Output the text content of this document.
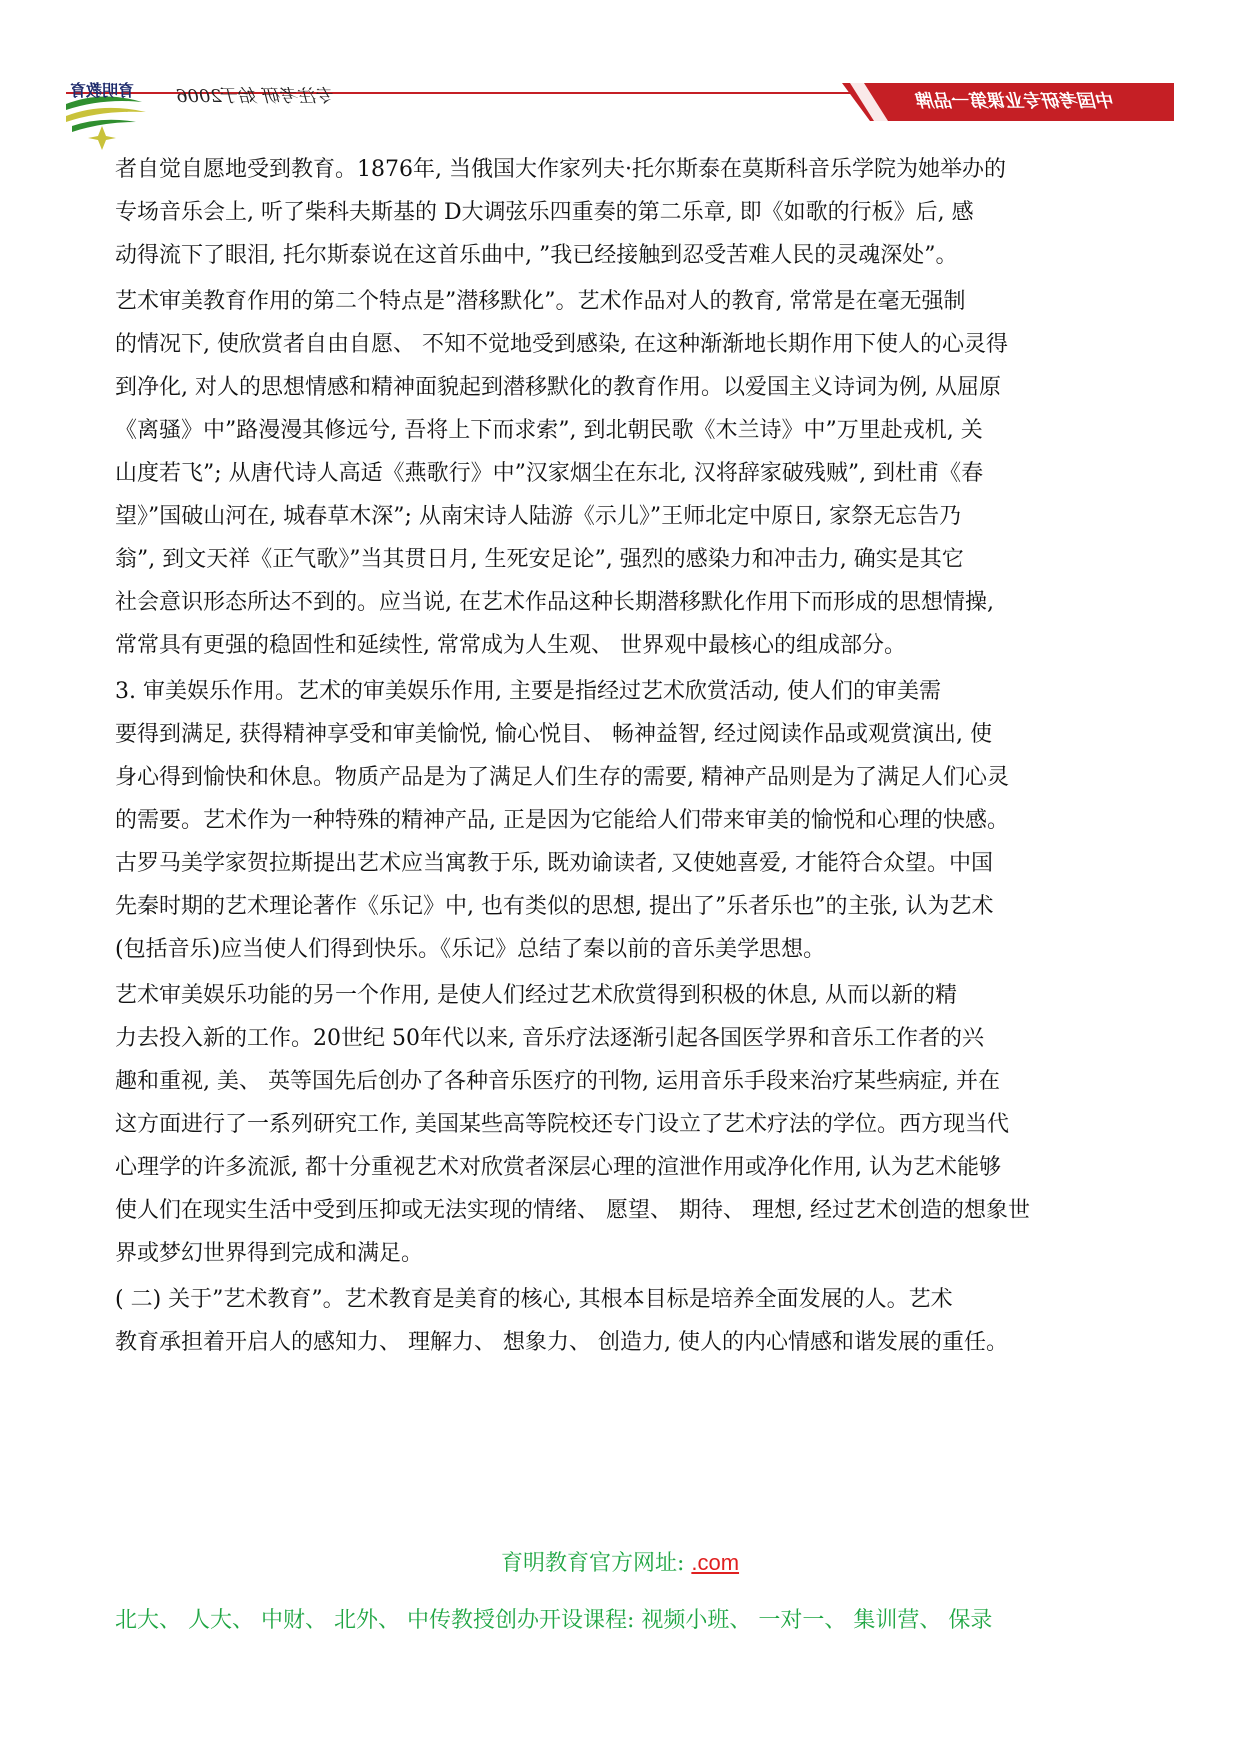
育明教育 专注考研 始于2006	中国考研专业课第一品牌
者自觉自愿地受到教育。1876年, 当俄国大作家列夫·托尔斯泰在莫斯科音乐学院为她举办的
专场音乐会上, 听了柴科夫斯基的 D大调弦乐四重奏的第二乐章, 即《如歌的行板》后, 感
动得流下了眼泪, 托尔斯泰说在这首乐曲中, ”我已经接触到忍受苦难人民的灵魂深处”。
艺术审美教育作用的第二个特点是”潜移默化”。艺术作品对人的教育, 常常是在毫无强制
的情况下, 使欣赏者自由自愿、 不知不觉地受到感染, 在这种渐渐地长期作用下使人的心灵得
到净化, 对人的思想情感和精神面貌起到潜移默化的教育作用。以爱国主义诗词为例, 从屈原
《离骚》中”路漫漫其修远兮, 吾将上下而求索”, 到北朝民歌《木兰诗》中”万里赴戎机, 关
山度若飞”; 从唐代诗人高适《燕歌行》中”汉家烟尘在东北, 汉将辞家破残贼”, 到杜甫《春
望》”国破山河在, 城春草木深”; 从南宋诗人陆游《示儿》”王师北定中原日, 家祭无忘告乃
翁”, 到文天祥《正气歌》”当其贯日月, 生死安足论”, 强烈的感染力和冲击力, 确实是其它
社会意识形态所达不到的。应当说, 在艺术作品这种长期潜移默化作用下而形成的思想情操,
常常具有更强的稳固性和延续性, 常常成为人生观、 世界观中最核心的组成部分。
3. 审美娱乐作用。艺术的审美娱乐作用, 主要是指经过艺术欣赏活动, 使人们的审美需
要得到满足, 获得精神享受和审美愉悦, 愉心悦目、 畅神益智, 经过阅读作品或观赏演出, 使
身心得到愉快和休息。物质产品是为了满足人们生存的需要, 精神产品则是为了满足人们心灵
的需要。艺术作为一种特殊的精神产品, 正是因为它能给人们带来审美的愉悦和心理的快感。
古罗马美学家贺拉斯提出艺术应当寓教于乐, 既劝谕读者, 又使她喜爱, 才能符合众望。中国
先秦时期的艺术理论著作《乐记》中, 也有类似的思想, 提出了”乐者乐也”的主张, 认为艺术
(包括音乐)应当使人们得到快乐。《乐记》总结了秦以前的音乐美学思想。
艺术审美娱乐功能的另一个作用, 是使人们经过艺术欣赏得到积极的休息, 从而以新的精
力去投入新的工作。20世纪 50年代以来, 音乐疗法逐渐引起各国医学界和音乐工作者的兴
趣和重视, 美、 英等国先后创办了各种音乐医疗的刊物, 运用音乐手段来治疗某些病症, 并在
这方面进行了一系列研究工作, 美国某些高等院校还专门设立了艺术疗法的学位。西方现当代
心理学的许多流派, 都十分重视艺术对欣赏者深层心理的渲泄作用或净化作用, 认为艺术能够
使人们在现实生活中受到压抑或无法实现的情绪、 愿望、 期待、 理想, 经过艺术创造的想象世
界或梦幻世界得到完成和满足。
( 二) 关于”艺术教育”。艺术教育是美育的核心, 其根本目标是培养全面发展的人。艺术
教育承担着开启人的感知力、 理解力、 想象力、 创造力, 使人的内心情感和谐发展的重任。
育明教育官方网址: .com
北大、 人大、 中财、 北外、 中传教授创办开设课程: 视频小班、 一对一、 集训营、 保录
